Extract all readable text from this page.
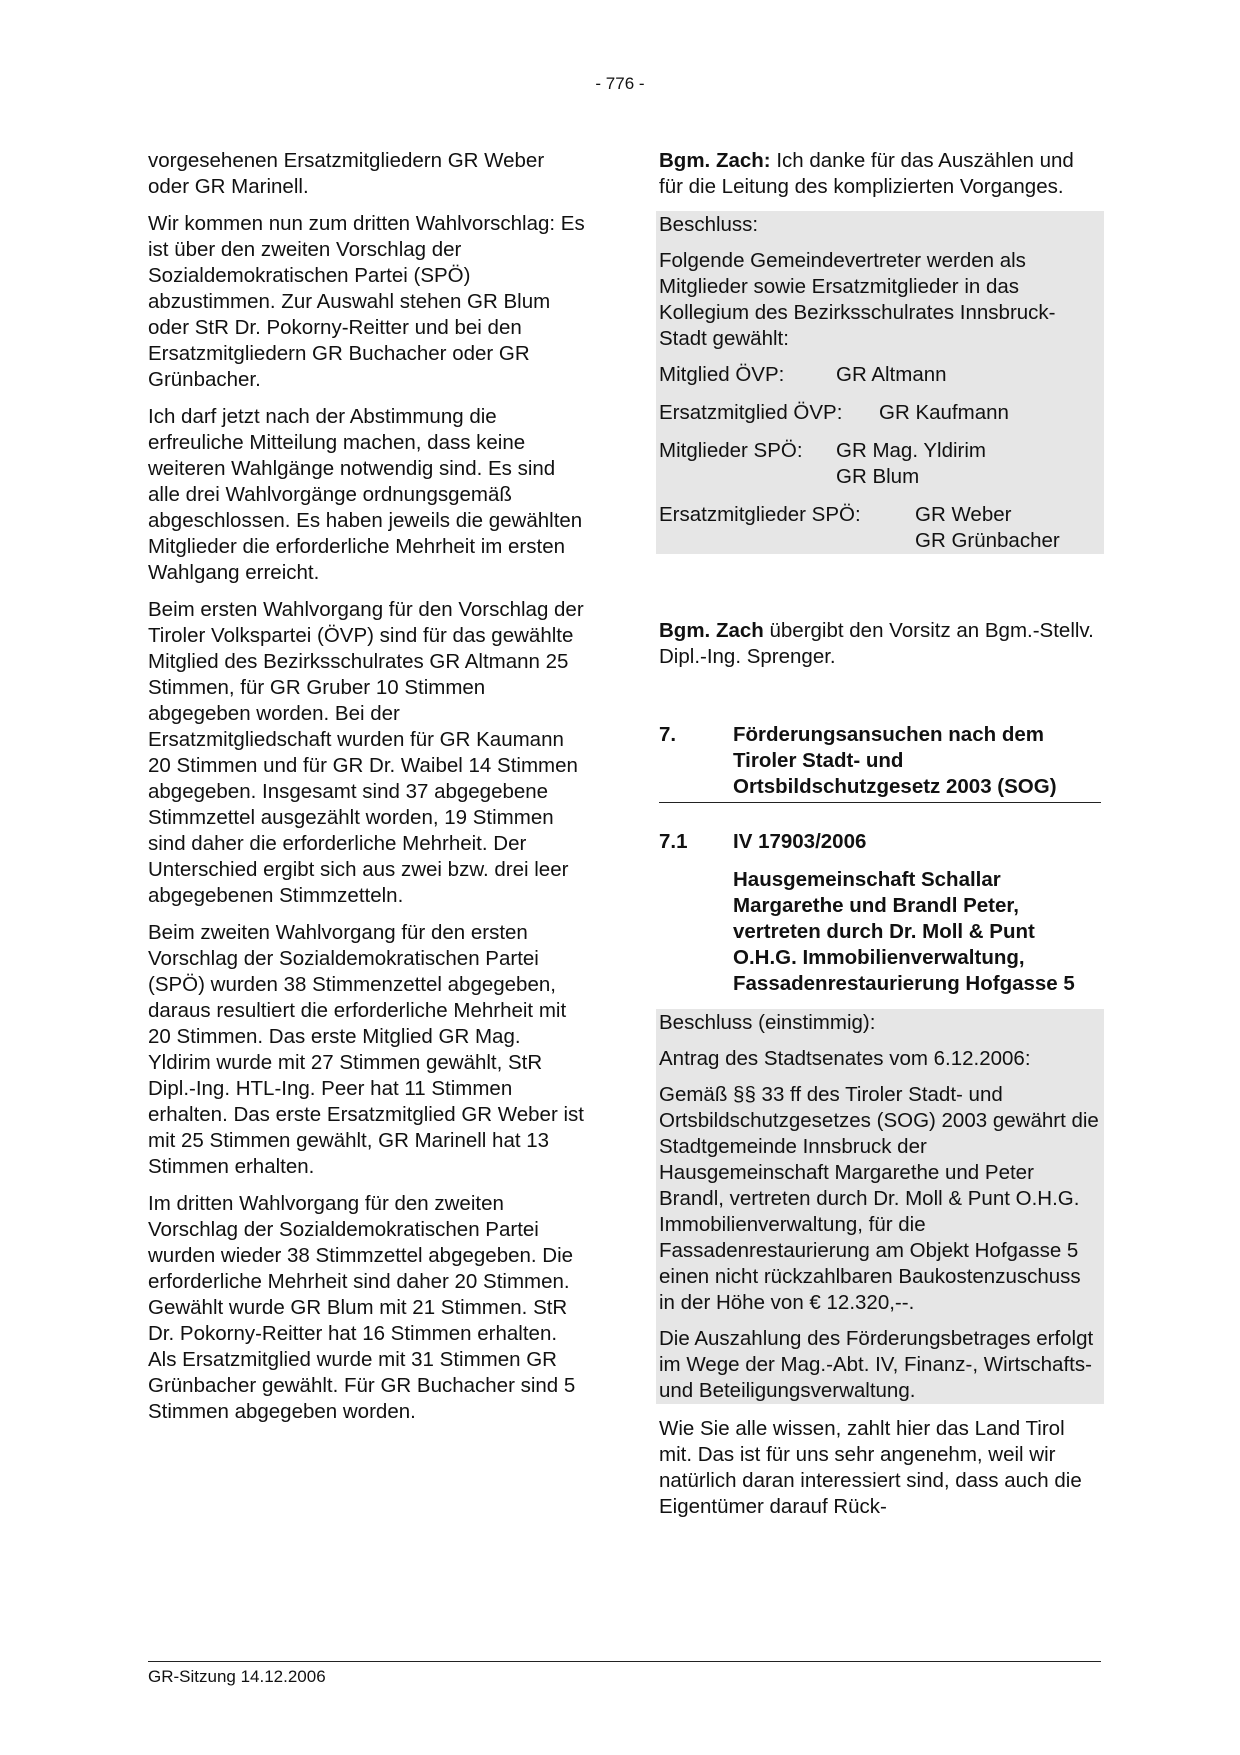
- 776 -

vorgesehenen Ersatzmitgliedern GR Weber oder GR Marinell.

Wir kommen nun zum dritten Wahlvorschlag: Es ist über den zweiten Vorschlag der Sozialdemokratischen Partei (SPÖ) abzustimmen. Zur Auswahl stehen GR Blum oder StR Dr. Pokorny-Reitter und bei den Ersatzmitgliedern GR Buchacher oder GR Grünbacher.

Ich darf jetzt nach der Abstimmung die erfreuliche Mitteilung machen, dass keine weiteren Wahlgänge notwendig sind. Es sind alle drei Wahlvorgänge ordnungsgemäß abgeschlossen. Es haben jeweils die gewählten Mitglieder die erforderliche Mehrheit im ersten Wahlgang erreicht.

Beim ersten Wahlvorgang für den Vorschlag der Tiroler Volkspartei (ÖVP) sind für das gewählte Mitglied des Bezirksschulrates GR Altmann 25 Stimmen, für GR Gruber 10 Stimmen abgegeben worden. Bei der Ersatzmitgliedschaft wurden für GR Kaumann 20 Stimmen und für GR Dr. Waibel 14 Stimmen abgegeben. Insgesamt sind 37 abgegebene Stimmzettel ausgezählt worden, 19 Stimmen sind daher die erforderliche Mehrheit. Der Unterschied ergibt sich aus zwei bzw. drei leer abgegebenen Stimmzetteln.

Beim zweiten Wahlvorgang für den ersten Vorschlag der Sozialdemokratischen Partei (SPÖ) wurden 38 Stimmenzettel abgegeben, daraus resultiert die erforderliche Mehrheit mit 20 Stimmen. Das erste Mitglied GR Mag. Yldirim wurde mit 27 Stimmen gewählt, StR Dipl.-Ing. HTL-Ing. Peer hat 11 Stimmen erhalten. Das erste Ersatzmitglied GR Weber ist mit 25 Stimmen gewählt, GR Marinell hat 13 Stimmen erhalten.

Im dritten Wahlvorgang für den zweiten Vorschlag der Sozialdemokratischen Partei wurden wieder 38 Stimmzettel abgegeben. Die erforderliche Mehrheit sind daher 20 Stimmen. Gewählt wurde GR Blum mit 21 Stimmen. StR Dr. Pokorny-Reitter hat 16 Stimmen erhalten. Als Ersatzmitglied wurde mit 31 Stimmen GR Grünbacher gewählt. Für GR Buchacher sind 5 Stimmen abgegeben worden.

Bgm. Zach: Ich danke für das Auszählen und für die Leitung des komplizierten Vorganges.

Beschluss:

Folgende Gemeindevertreter werden als Mitglieder sowie Ersatzmitglieder in das Kollegium des Bezirksschulrates Innsbruck-Stadt gewählt:

Mitglied ÖVP:	GR Altmann
Ersatzmitglied ÖVP:	GR Kaufmann
Mitglieder SPÖ:	GR Mag. Yldirim
GR Blum
Ersatzmitglieder SPÖ:	GR Weber
GR Grünbacher

Bgm. Zach übergibt den Vorsitz an Bgm.-Stellv. Dipl.-Ing. Sprenger.

7.	Förderungsansuchen nach dem Tiroler Stadt- und Ortsbildschutzgesetz 2003 (SOG)
7.1	IV 17903/2006
Hausgemeinschaft Schallar Margarethe und Brandl Peter, vertreten durch Dr. Moll & Punt O.H.G. Immobilienverwaltung, Fassadenrestaurierung Hofgasse 5

Beschluss (einstimmig):

Antrag des Stadtsenates vom 6.12.2006:

Gemäß §§ 33 ff des Tiroler Stadt- und Ortsbildschutzgesetzes (SOG) 2003 gewährt die Stadtgemeinde Innsbruck der Hausgemeinschaft Margarethe und Peter Brandl, vertreten durch Dr. Moll & Punt O.H.G. Immobilienverwaltung, für die Fassadenrestaurierung am Objekt Hofgasse 5 einen nicht rückzahlbaren Baukostenzuschuss in der Höhe von € 12.320,--.

Die Auszahlung des Förderungsbetrages erfolgt im Wege der Mag.-Abt. IV, Finanz-, Wirtschafts- und Beteiligungsverwaltung.

Wie Sie alle wissen, zahlt hier das Land Tirol mit. Das ist für uns sehr angenehm, weil wir natürlich daran interessiert sind, dass auch die Eigentümer darauf Rück-

GR-Sitzung 14.12.2006
